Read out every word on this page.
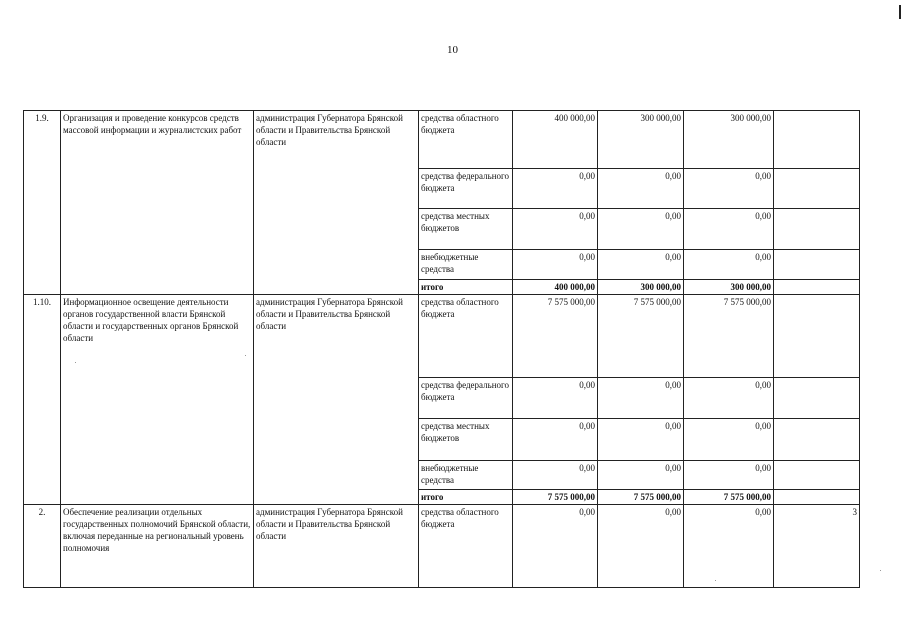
10
1.9.	Организация и проведение конкурсов средств массовой информации и журналистских работ	администрация Губернатора Брянской области и Правительства Брянской области	средства областного бюджета	400 000,00	300 000,00	300 000,00	
			средства федерального бюджета	0,00	0,00	0,00	
			средства местных бюджетов	0,00	0,00	0,00	
			внебюджетные средства	0,00	0,00	0,00	
			итого	400 000,00	300 000,00	300 000,00	
1.10.	Информационное освещение деятельности органов государственной власти Брянской области и государственных органов Брянской области	администрация Губернатора Брянской области и Правительства Брянской области	средства областного бюджета	7 575 000,00	7 575 000,00	7 575 000,00	
			средства федерального бюджета	0,00	0,00	0,00	
			средства местных бюджетов	0,00	0,00	0,00	
			внебюджетные средства	0,00	0,00	0,00	
			итого	7 575 000,00	7 575 000,00	7 575 000,00	
2.	Обеспечение реализации отдельных государственных полномочий Брянской области, включая переданные на региональный уровень полномочия	администрация Губернатора Брянской области и Правительства Брянской области	средства областного бюджета	0,00	0,00	0,00	3
